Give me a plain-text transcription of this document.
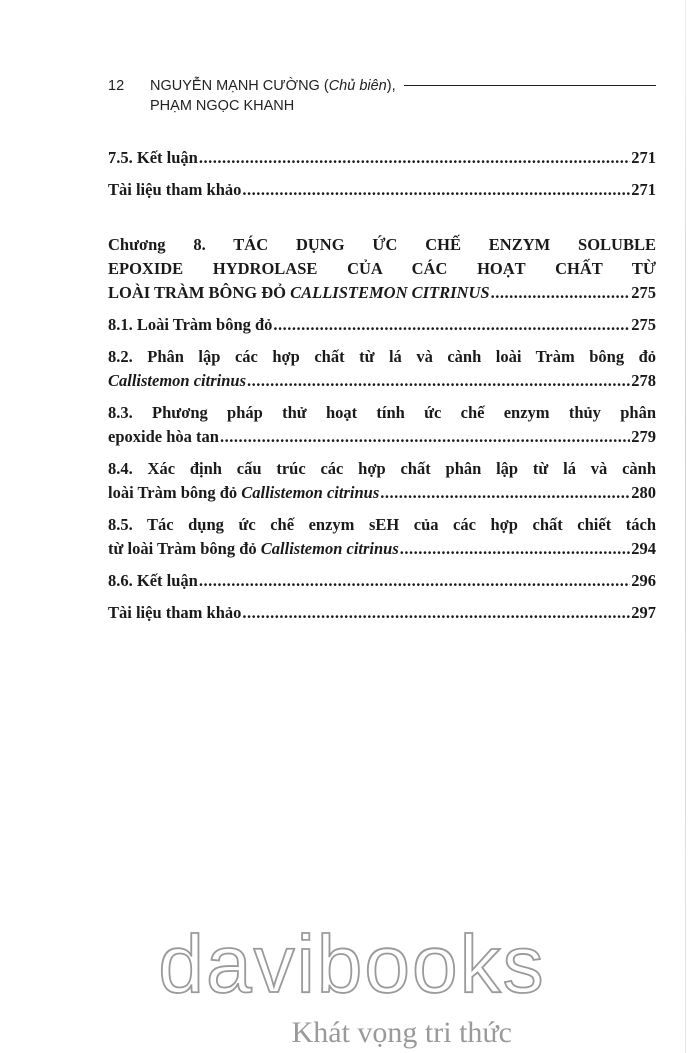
12	NGUYỄN MẠNH CƯỜNG (Chủ biên),
PHẠM NGỌC KHANH
7.5. Kết luận .....	271
Tài liệu tham khảo .....	271
Chương 8. TÁC DỤNG ỨC CHẾ ENZYM SOLUBLE
EPOXIDE HYDROLASE CỦA CÁC HOẠT CHẤT TỪ
LOÀI TRÀM BÔNG ĐỎ CALLISTEMON CITRINUS .....	275
8.1. Loài Tràm bông đỏ .....	275
8.2. Phân lập các hợp chất từ lá và cành loài Tràm bông đỏ
Callistemon citrinus .....	278
8.3. Phương pháp thử hoạt tính ức chế enzym thủy phân
epoxide hòa tan .....	279
8.4. Xác định cấu trúc các hợp chất phân lập từ lá và cành
loài Tràm bông đỏ Callistemon citrinus .....	280
8.5. Tác dụng ức chế enzym sEH của các hợp chất chiết tách
từ loài Tràm bông đỏ Callistemon citrinus .....	294
8.6. Kết luận .....	296
Tài liệu tham khảo .....	297
davibooks
Khát vọng tri thức
